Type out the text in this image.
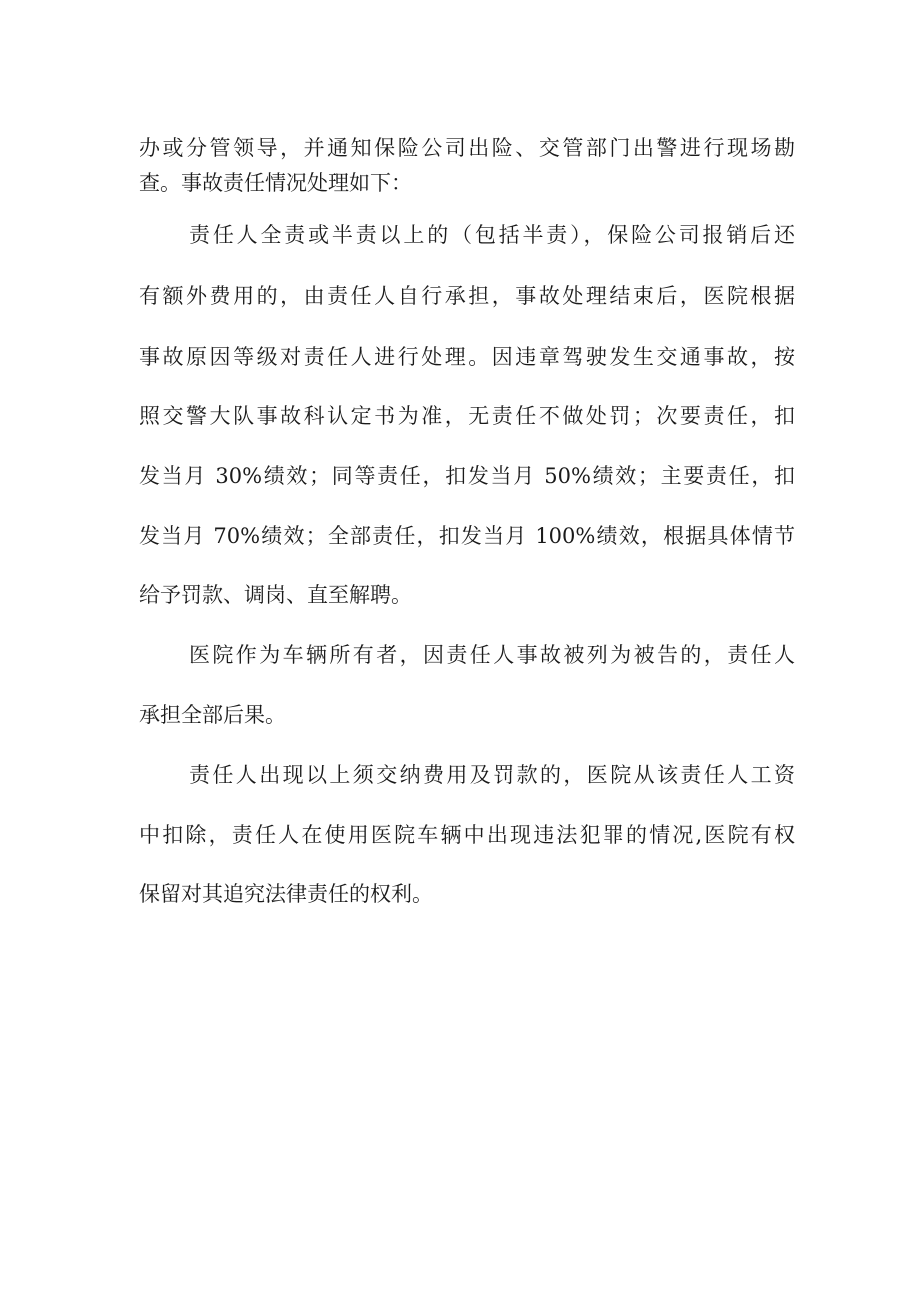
办或分管领导，并通知保险公司出险、交管部门出警进行现场勘
查。事故责任情况处理如下：
责任人全责或半责以上的（包括半责），保险公司报销后还
有额外费用的，由责任人自行承担，事故处理结束后，医院根据
事故原因等级对责任人进行处理。因违章驾驶发生交通事故，按
照交警大队事故科认定书为准，无责任不做处罚；次要责任，扣
发当月 30%绩效；同等责任，扣发当月 50%绩效；主要责任，扣
发当月 70%绩效；全部责任，扣发当月 100%绩效，根据具体情节
给予罚款、调岗、直至解聘。
医院作为车辆所有者，因责任人事故被列为被告的，责任人
承担全部后果。
责任人出现以上须交纳费用及罚款的，医院从该责任人工资
中扣除，责任人在使用医院车辆中出现违法犯罪的情况,医院有权
保留对其追究法律责任的权利。
